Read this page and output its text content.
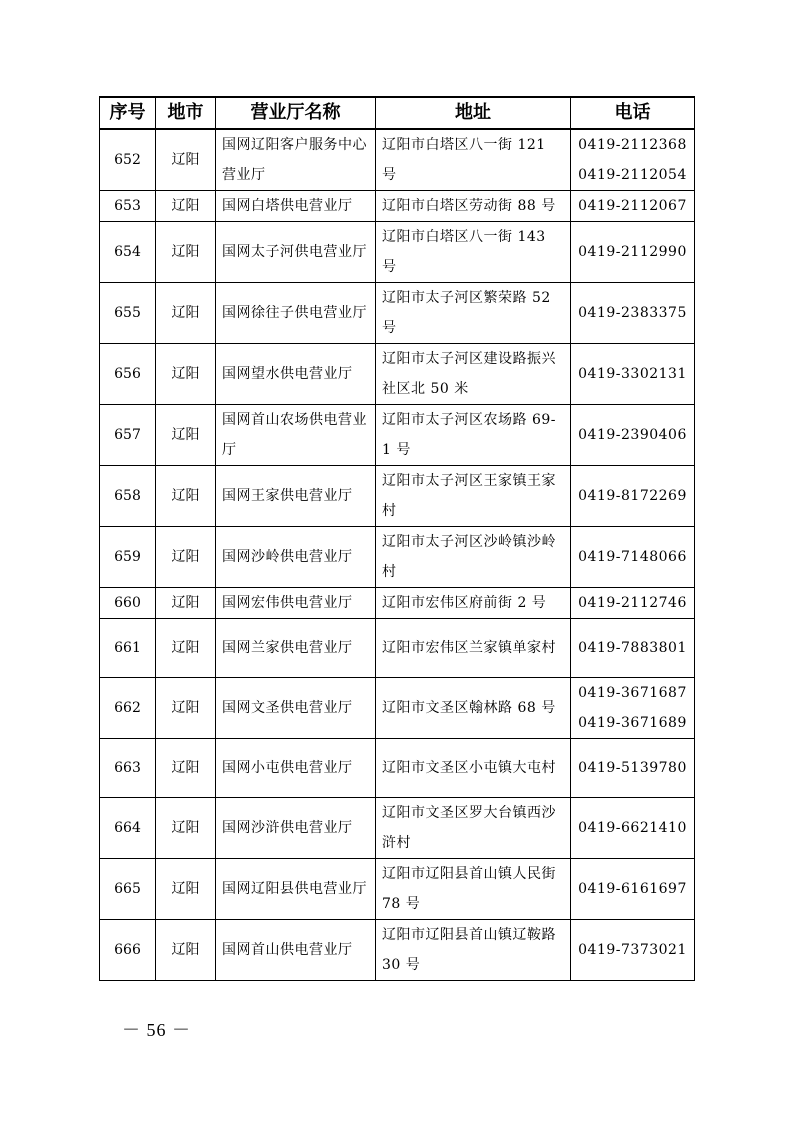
序号	地市	营业厅名称	地址	电话
652	辽阳	国网辽阳客户服务中心营业厅	辽阳市白塔区八一街 121 号	0419-2112368
0419-2112054

653	辽阳	国网白塔供电营业厅	辽阳市白塔区劳动街 88 号	0419-2112067

654	辽阳	国网太子河供电营业厅	辽阳市白塔区八一街 143 号	0419-2112990

655	辽阳	国网徐往子供电营业厅	辽阳市太子河区繁荣路 52 号	0419-2383375

656	辽阳	国网望水供电营业厅	辽阳市太子河区建设路振兴社区北 50 米	0419-3302131

657	辽阳	国网首山农场供电营业厅	辽阳市太子河区农场路 69-1 号	0419-2390406

658	辽阳	国网王家供电营业厅	辽阳市太子河区王家镇王家村	0419-8172269

659	辽阳	国网沙岭供电营业厅	辽阳市太子河区沙岭镇沙岭村	0419-7148066

660	辽阳	国网宏伟供电营业厅	辽阳市宏伟区府前街 2 号	0419-2112746

661	辽阳	国网兰家供电营业厅	辽阳市宏伟区兰家镇单家村	0419-7883801

662	辽阳	国网文圣供电营业厅	辽阳市文圣区翰林路 68 号	0419-3671687
0419-3671689

663	辽阳	国网小屯供电营业厅	辽阳市文圣区小屯镇大屯村	0419-5139780

664	辽阳	国网沙浒供电营业厅	辽阳市文圣区罗大台镇西沙浒村	0419-6621410

665	辽阳	国网辽阳县供电营业厅	辽阳市辽阳县首山镇人民街 78 号	0419-6161697

666	辽阳	国网首山供电营业厅	辽阳市辽阳县首山镇辽鞍路 30 号	0419-7373021
－ 56 －
